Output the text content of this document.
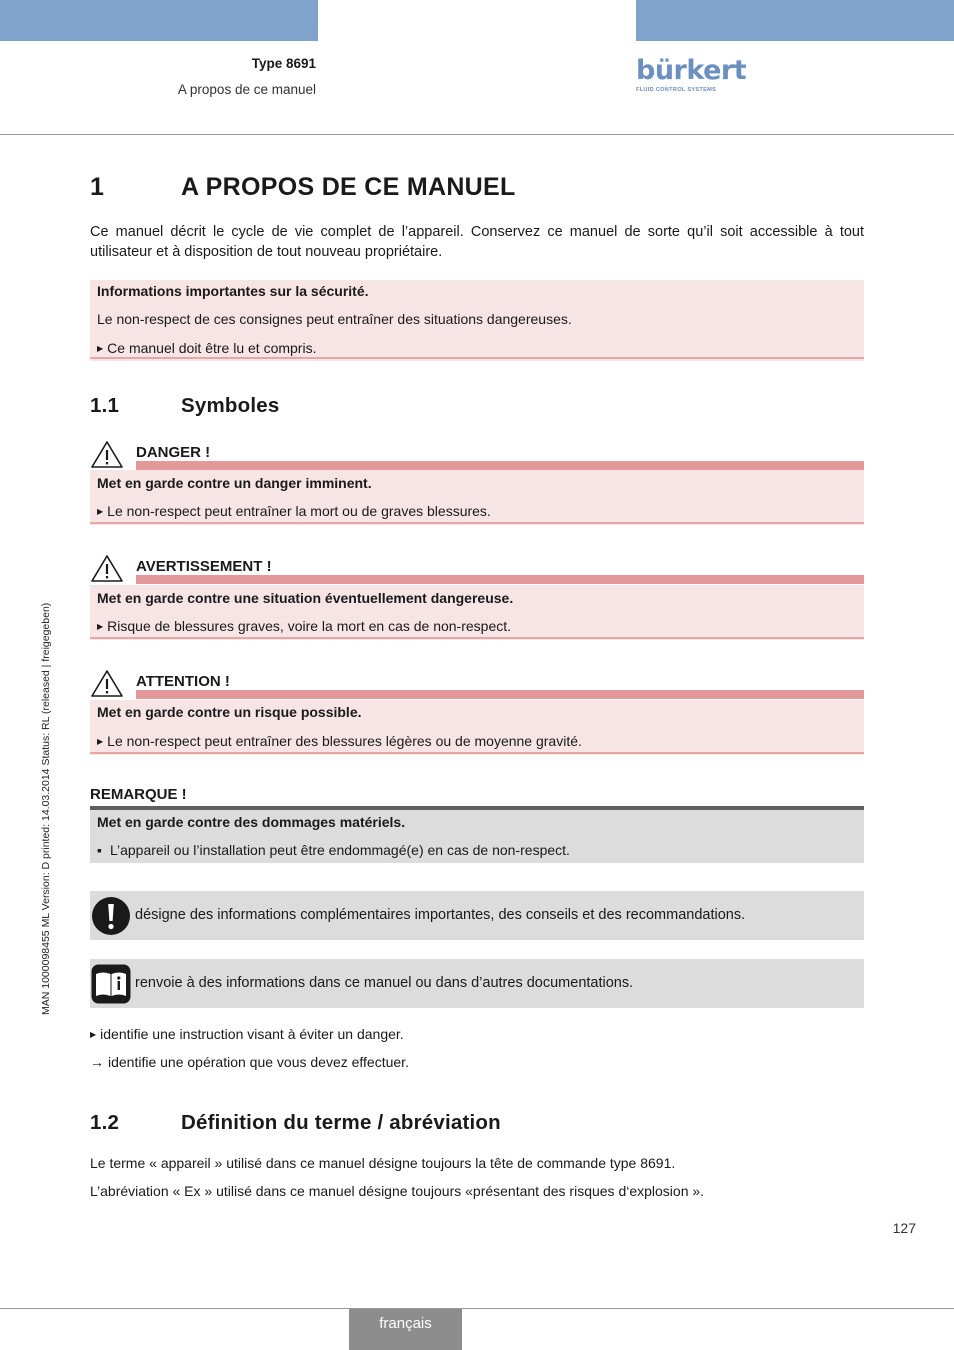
Type 8691
A propos de ce manuel
bürkert
FLUID CONTROL SYSTEMS
1	A PROPOS DE CE MANUEL
Ce manuel décrit le cycle de vie complet de l’appareil. Conservez ce manuel de sorte qu’il soit accessible à tout utilisateur et à disposition de tout nouveau propriétaire.
Informations importantes sur la sécurité.
Le non-respect de ces consignes peut entraîner des situations dangereuses.
▶ Ce manuel doit être lu et compris.
1.1	Symboles
DANGER !
Met en garde contre un danger imminent.
▶ Le non-respect peut entraîner la mort ou de graves blessures.
AVERTISSEMENT !
Met en garde contre une situation éventuellement dangereuse.
▶ Risque de blessures graves, voire la mort en cas de non-respect.
ATTENTION !
Met en garde contre un risque possible.
▶ Le non-respect peut entraîner des blessures légères ou de moyenne gravité.
REMARQUE !
Met en garde contre des dommages matériels.
▪ L’appareil ou l’installation peut être endommagé(e) en cas de non-respect.
désigne des informations complémentaires importantes, des conseils et des recommandations.
renvoie à des informations dans ce manuel ou dans d’autres documentations.
▶ identifie une instruction visant à éviter un danger.
→ identifie une opération que vous devez effectuer.
1.2	Définition du terme / abréviation
Le terme « appareil » utilisé dans ce manuel désigne toujours la tête de commande type 8691.
L’abréviation « Ex » utilisé dans ce manuel désigne toujours «présentant des risques d‘explosion ».
127
MAN 1000098455 ML Version: D printed: 14.03.2014 Status: RL (released | freigegeben)
français
